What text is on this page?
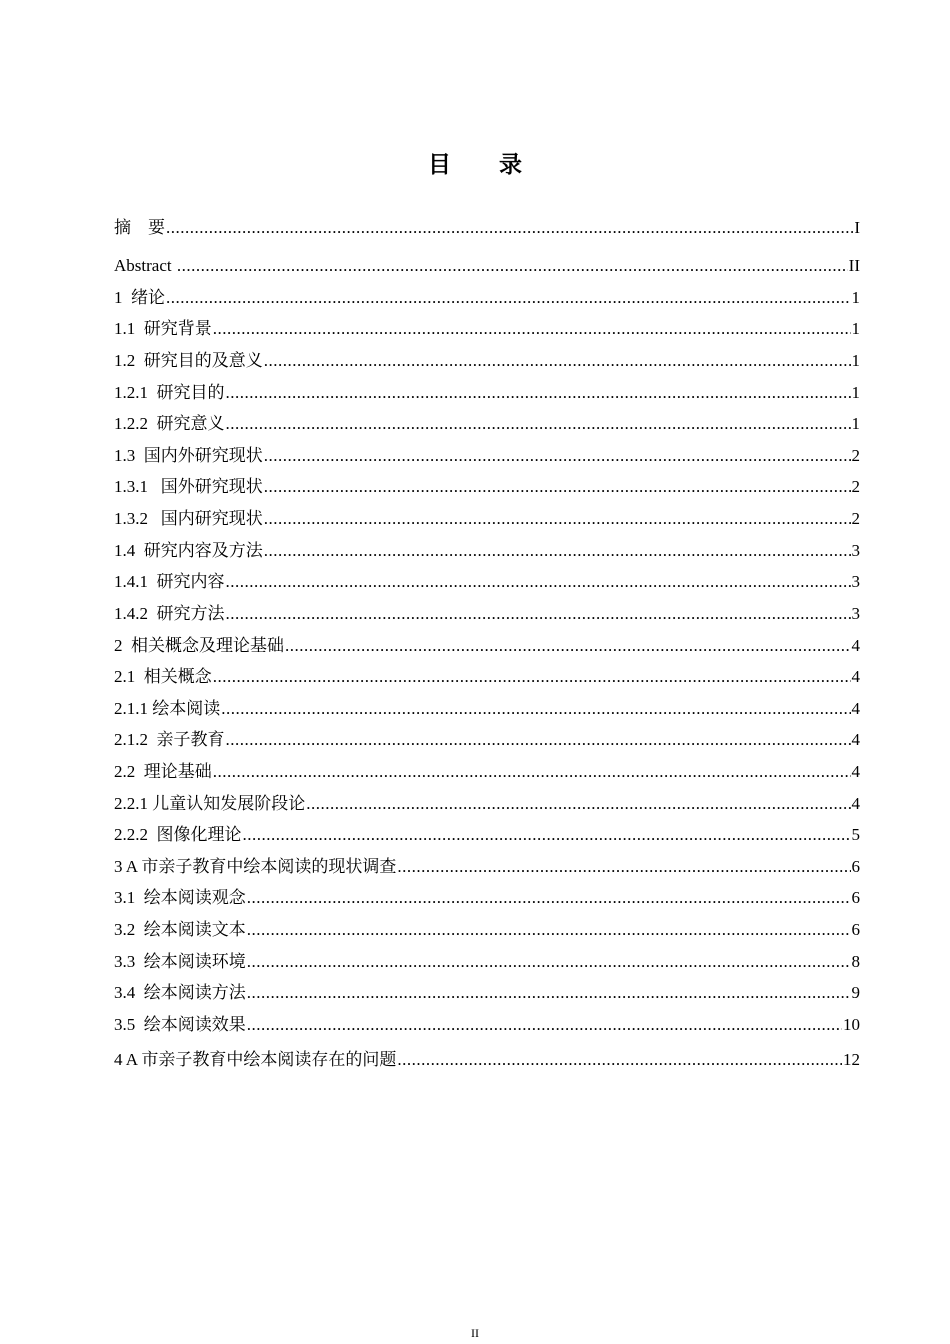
目 录
摘    要 .....	I
Abstract .....	II
1  绪论 .....	1
1.1  研究背景 .....	1
1.2  研究目的及意义 .....	1
1.2.1  研究目的 .....	1
1.2.2  研究意义 .....	1
1.3  国内外研究现状 .....	2
1.3.1   国外研究现状 .....	2
1.3.2   国内研究现状 .....	2
1.4  研究内容及方法 .....	3
1.4.1  研究内容 .....	3
1.4.2  研究方法 .....	3
2  相关概念及理论基础 .....	4
2.1  相关概念 .....	4
2.1.1 绘本阅读 .....	4
2.1.2  亲子教育 .....	4
2.2  理论基础 .....	4
2.2.1 儿童认知发展阶段论 .....	4
2.2.2  图像化理论 .....	5
3 A 市亲子教育中绘本阅读的现状调查 .....	6
3.1  绘本阅读观念 .....	6
3.2  绘本阅读文本 .....	6
3.3  绘本阅读环境 .....	8
3.4  绘本阅读方法 .....	9
3.5  绘本阅读效果 .....	10
4 A 市亲子教育中绘本阅读存在的问题 .....	12
II
